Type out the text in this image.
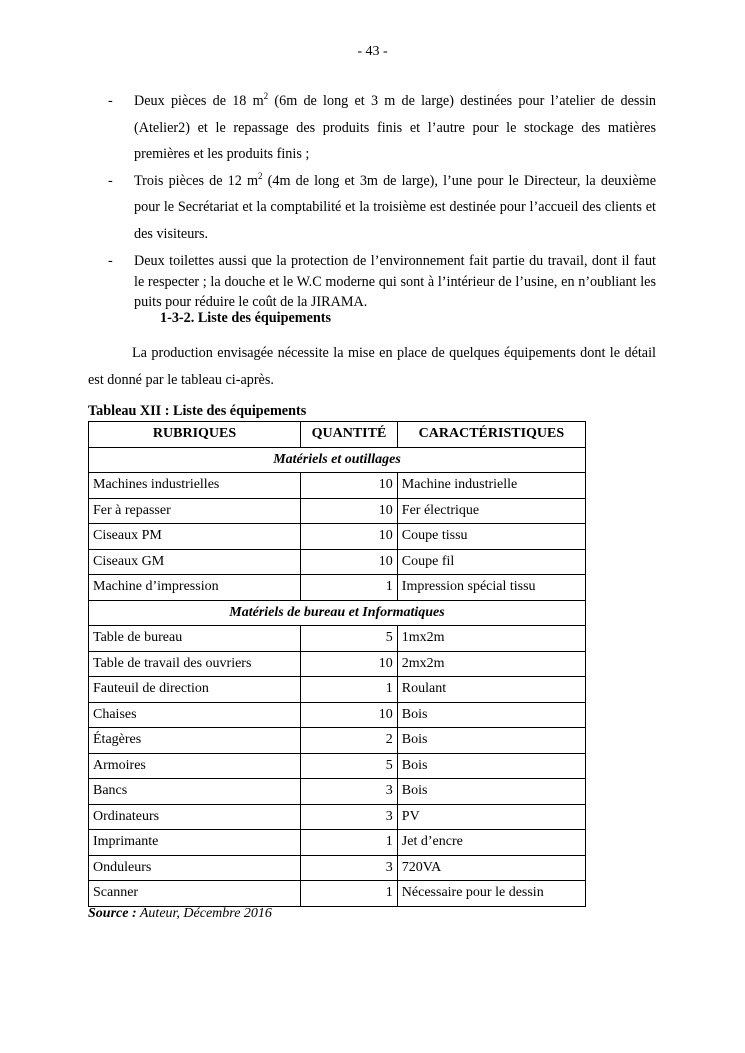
- 43 -
- Deux pièces de 18 $m^2$ (6m de long et 3 m de large) destinées pour l’atelier de dessin (Atelier2) et le repassage des produits finis et l’autre pour le stockage des matières premières et les produits finis ;
- Trois pièces de 12 $m^2$ (4m de long et 3m de large), l’une pour le Directeur, la deuxième pour le Secrétariat et la comptabilité et la troisième est destinée pour l’accueil des clients et des visiteurs.
- Deux toilettes aussi que la protection de l’environnement fait partie du travail, dont il faut le respecter ; la douche et le W.C moderne qui sont à l’intérieur de l’usine, en n’oubliant les puits pour réduire le coût de la JIRAMA.
1-3-2. Liste des équipements

La production envisagée nécessite la mise en place de quelques équipements dont le détail est donné par le tableau ci-après.

Tableau XII : Liste des équipements
RUBRIQUES	QUANTITÉ	CARACTÉRISTIQUES
Matériels et outillages		
Machines industrielles	10	Machine industrielle
Fer à repasser	10	Fer électrique
Ciseaux PM	10	Coupe tissu
Ciseaux GM	10	Coupe fil
Machine d’impression	1	Impression spécial tissu
Matériels de bureau et Informatiques		
Table de bureau	5	1mx2m
Table de travail des ouvriers	10	2mx2m
Fauteuil de direction	1	Roulant
Chaises	10	Bois
Étagères	2	Bois
Armoires	5	Bois
Bancs	3	Bois
Ordinateurs	3	PV
Imprimante	1	Jet d’encre
Onduleurs	3	720VA
Scanner	1	Nécessaire pour le dessin
Source : Auteur, Décembre 2016
